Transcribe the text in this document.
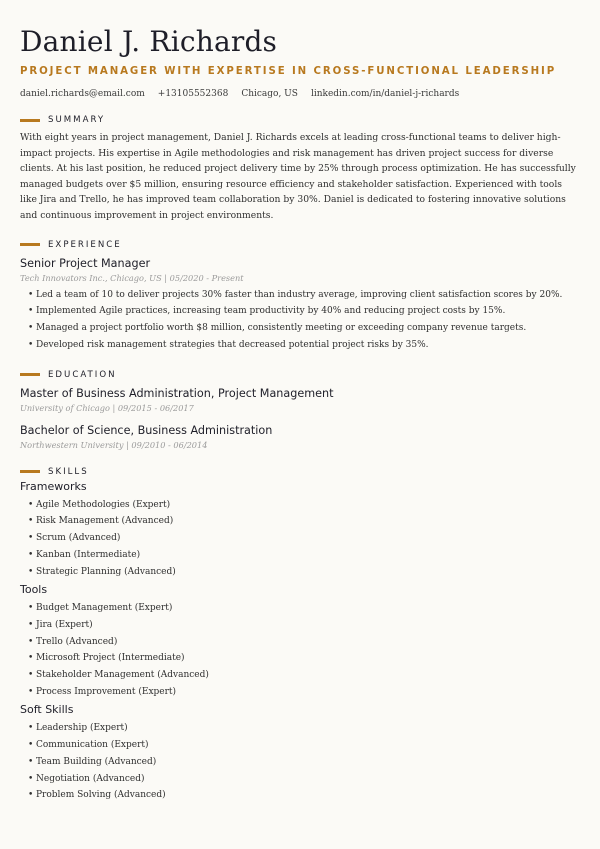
Daniel J. Richards
PROJECT MANAGER WITH EXPERTISE IN CROSS-FUNCTIONAL LEADERSHIP
daniel.richards@email.com +13105552368 Chicago, US linkedin.com/in/daniel-j-richards
SUMMARY
With eight years in project management, Daniel J. Richards excels at leading cross-functional teams to deliver high-impact projects. His expertise in Agile methodologies and risk management has driven project success for diverse clients. At his last position, he reduced project delivery time by 25% through process optimization. He has successfully managed budgets over $5 million, ensuring resource efficiency and stakeholder satisfaction. Experienced with tools like Jira and Trello, he has improved team collaboration by 30%. Daniel is dedicated to fostering innovative solutions and continuous improvement in project environments.
EXPERIENCE
Senior Project Manager
Tech Innovators Inc., Chicago, US | 05/2020 - Present
• Led a team of 10 to deliver projects 30% faster than industry average, improving client satisfaction scores by 20%.
• Implemented Agile practices, increasing team productivity by 40% and reducing project costs by 15%.
• Managed a project portfolio worth $8 million, consistently meeting or exceeding company revenue targets.
• Developed risk management strategies that decreased potential project risks by 35%.
EDUCATION
Master of Business Administration, Project Management
University of Chicago | 09/2015 - 06/2017
Bachelor of Science, Business Administration
Northwestern University | 09/2010 - 06/2014
SKILLS
Frameworks
• Agile Methodologies (Expert)
• Risk Management (Advanced)
• Scrum (Advanced)
• Kanban (Intermediate)
• Strategic Planning (Advanced)
Tools
• Budget Management (Expert)
• Jira (Expert)
• Trello (Advanced)
• Microsoft Project (Intermediate)
• Stakeholder Management (Advanced)
• Process Improvement (Expert)
Soft Skills
• Leadership (Expert)
• Communication (Expert)
• Team Building (Advanced)
• Negotiation (Advanced)
• Problem Solving (Advanced)
